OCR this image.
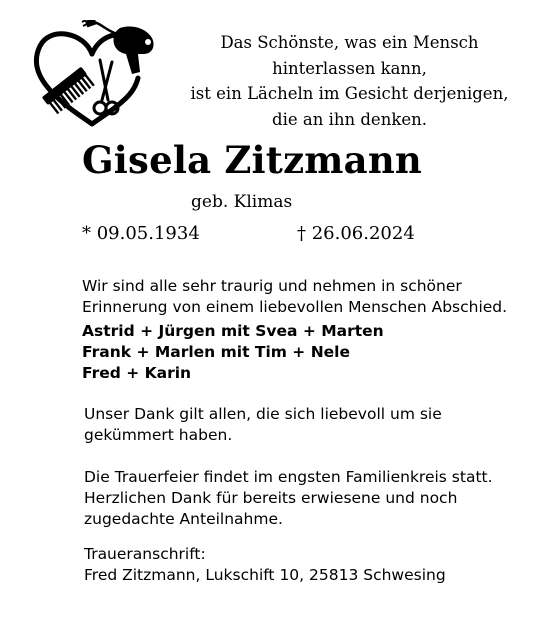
Das Schönste, was ein Mensch
hinterlassen kann,
ist ein Lächeln im Gesicht derjenigen,
die an ihn denken.
Gisela Zitzmann
geb. Klimas
* 09.05.1934	† 26.06.2024
Wir sind alle sehr traurig und nehmen in schöner
Erinnerung von einem liebevollen Menschen Abschied.
Astrid + Jürgen mit Svea + Marten
Frank + Marlen mit Tim + Nele
Fred + Karin
Unser Dank gilt allen, die sich liebevoll um sie
gekümmert haben.
Die Trauerfeier findet im engsten Familienkreis statt.
Herzlichen Dank für bereits erwiesene und noch
zugedachte Anteilnahme.
Traueranschrift:
Fred Zitzmann, Lukschift 10, 25813 Schwesing
